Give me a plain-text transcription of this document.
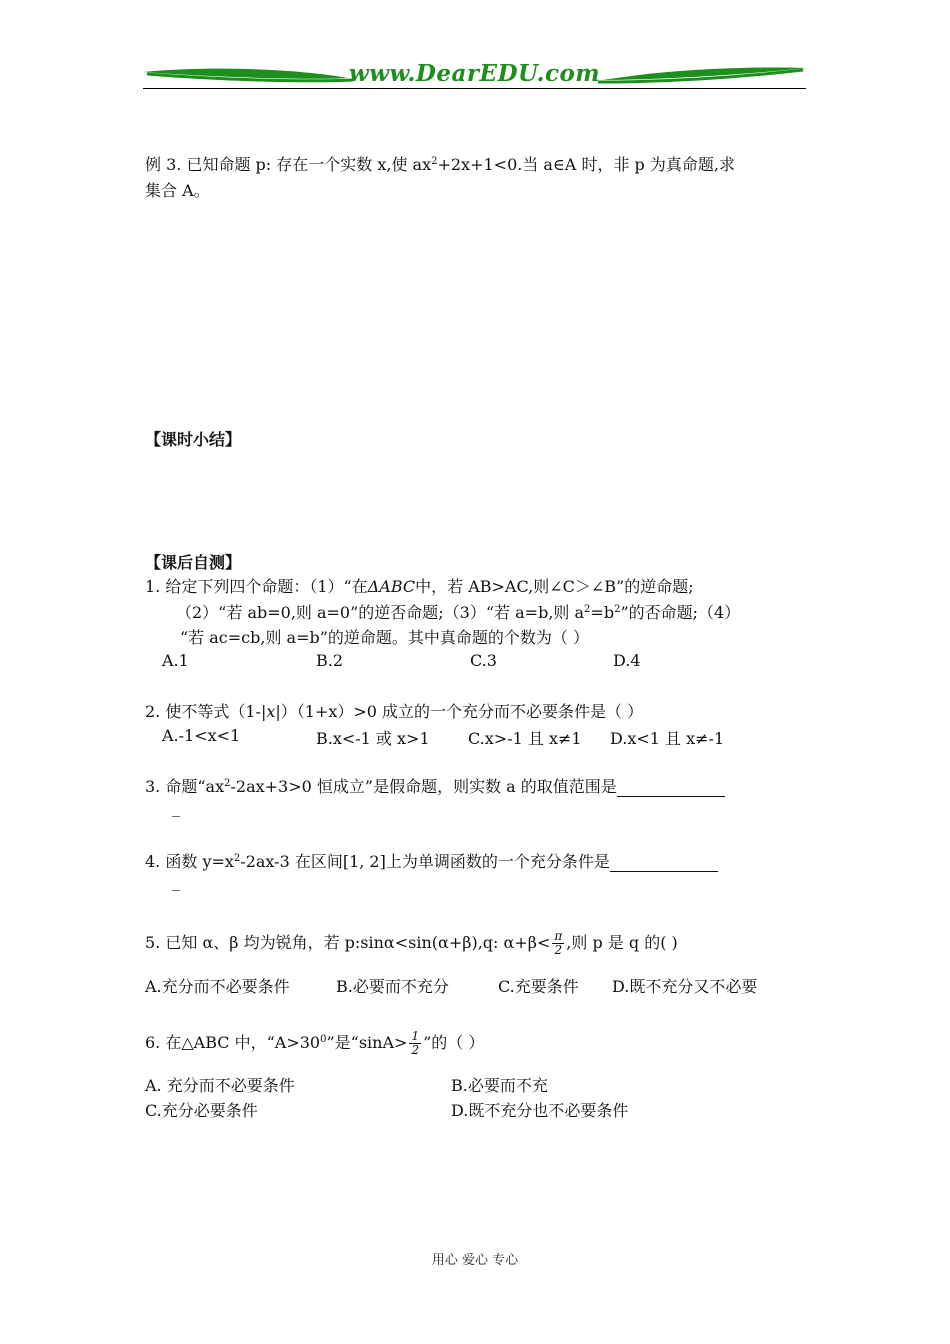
www.DearEDU.com
例 3. 已知命题 p: 存在一个实数 x,使 $ax^2+2x+1<0$.当 a∈A 时，非 p 为真命题,求
集合 A。
【课时小结】
【课后自测】
1. 给定下列四个命题：（1）“在ΔABC中，若 AB>AC,则∠C＞∠B”的逆命题;
（2）“若 ab=0,则 a=0”的逆否命题;（3）“若 a=b,则 $a^2=b^2$”的否命题;（4）
“若 ac=cb,则 a=b”的逆命题。其中真命题的个数为（ ）
A.1	B.2	C.3	D.4
2. 使不等式（1-|x|）（1+x）>0 成立的一个充分而不必要条件是（ ）
A.-1<x<1	B.x<-1 或 x>1 C.x>-1 且 x≠1 D.x<1 且 x≠-1
3. 命题“$ax^2-2ax+3>0$ 恒成立”是假命题，则实数 a 的取值范围是
_
4. 函数 $y=x^2-2ax-3$ 在区间[1, 2]上为单调函数的一个充分条件是
_
5. 已知 α、β 均为锐角，若 p:sinα<sin(α+β),q: $\alpha+\beta< \frac{\pi}{2}$ ,则 p 是 q 的( )
A.充分而不必要条件	B.必要而不充分	C.充要条件 D.既不充分又不必要
6. 在△ABC 中，“$A>30^0$”是“$\sin A> \frac{1}{2}$ ”的（ ）
A. 充分而不必要条件	B.必要而不充
C.充分必要条件	D.既不充分也不必要条件
用心 爱心 专心
